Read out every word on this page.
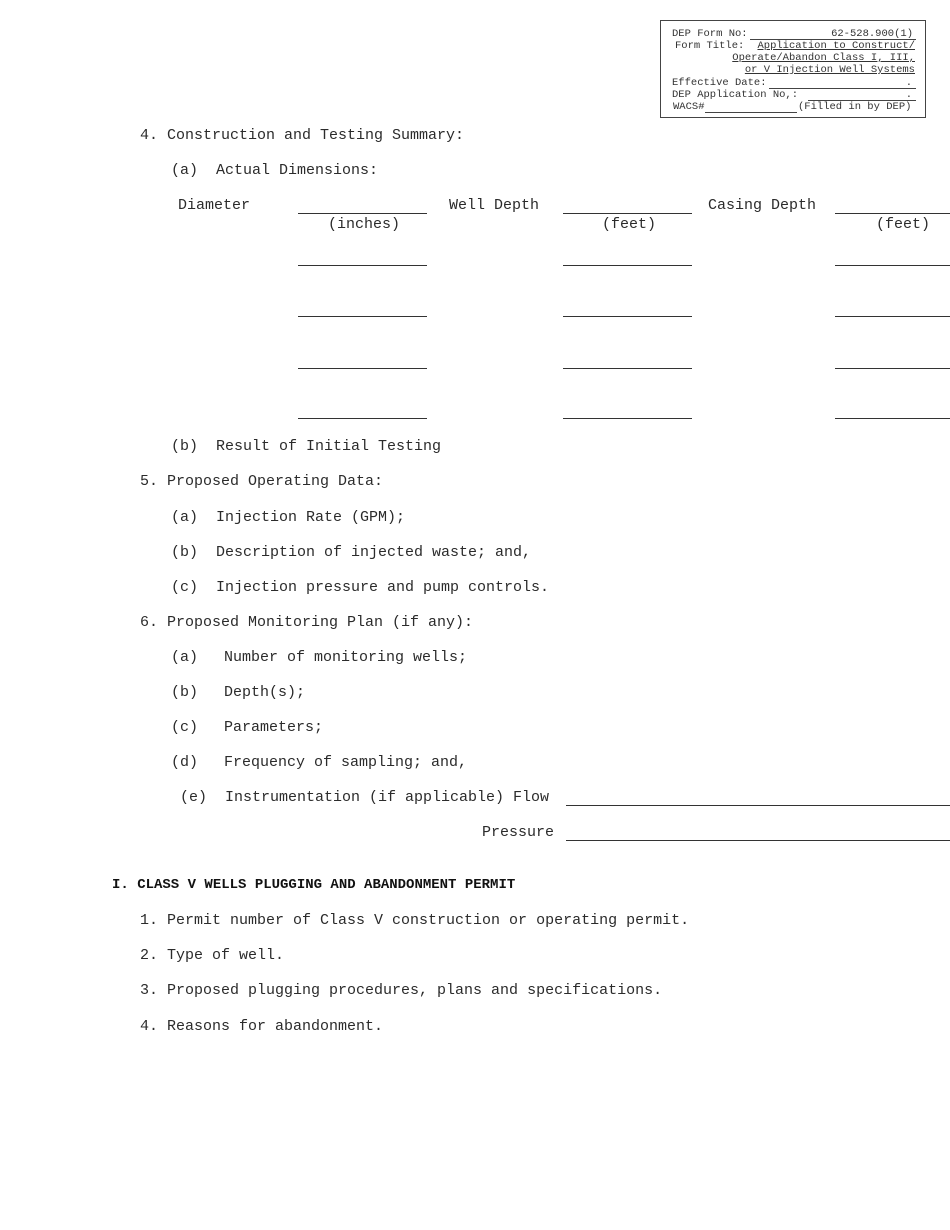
DEP Form No:	62-528.900(1)
Form Title: Application to Construct/
Operate/Abandon Class I, III,
or V Injection Well Systems
Effective Date:	.
DEP Application No,:	.
WACS#	(Filled in by DEP)
4. Construction and Testing Summary:
(a)  Actual Dimensions:
Diameter	Well Depth	Casing Depth
(inches)	(feet)	(feet)
(b)  Result of Initial Testing
5. Proposed Operating Data:
(a)  Injection Rate (GPM);
(b)  Description of injected waste; and,
(c)  Injection pressure and pump controls.
6. Proposed Monitoring Plan (if any):
(a) Number of monitoring wells;
(b) Depth(s);
(c) Parameters;
(d) Frequency of sampling; and,
(e)  Instrumentation (if applicable) Flow
Pressure
I. CLASS V WELLS PLUGGING AND ABANDONMENT PERMIT
1. Permit number of Class V construction or operating permit.
2. Type of well.
3. Proposed plugging procedures, plans and specifications.
4. Reasons for abandonment.
